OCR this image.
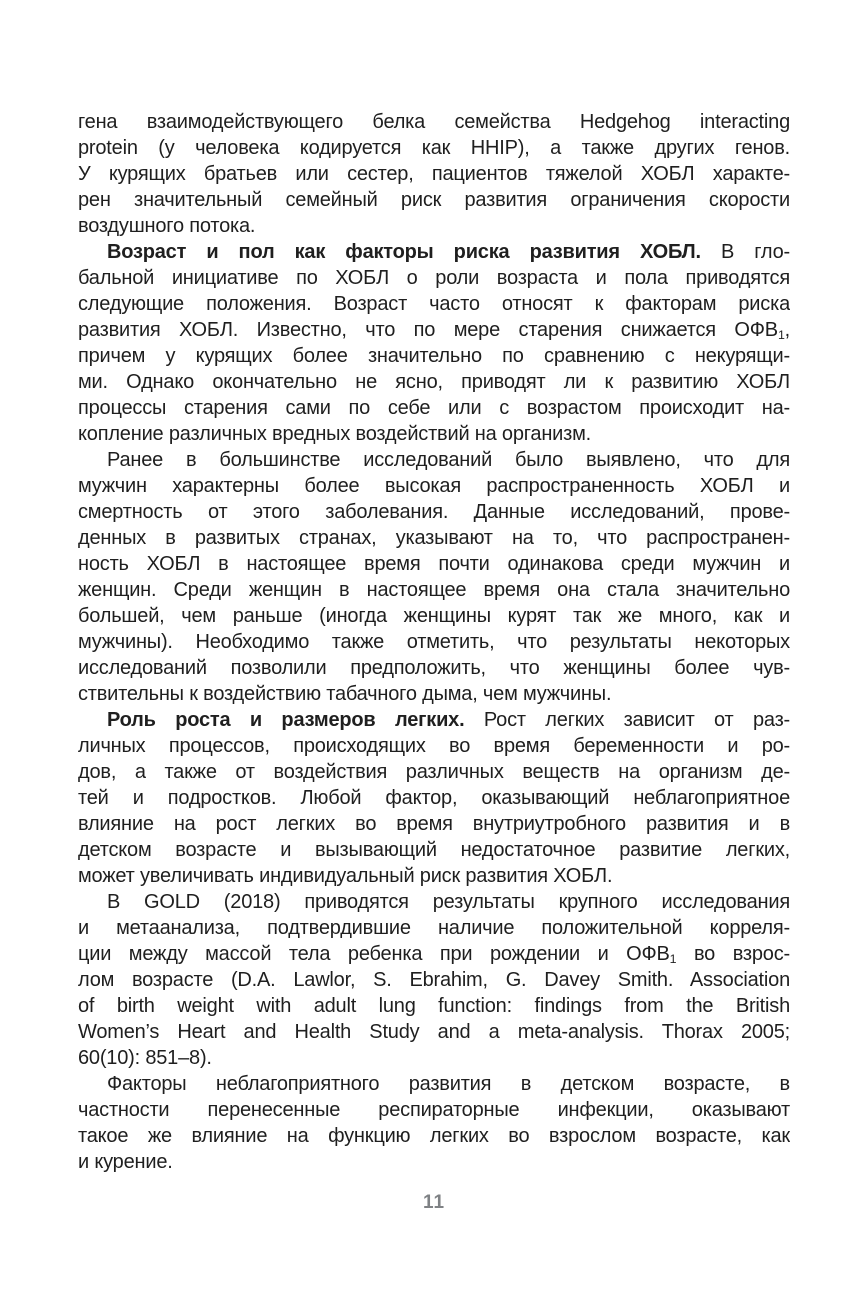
гена взаимодействующего белка семейства Hedgehog interacting
protein (у человека кодируется как HHIP), а также других генов.
У курящих братьев или сестер, пациентов тяжелой ХОБЛ характе-
рен значительный семейный риск развития ограничения скорости
воздушного потока.
Возраст и пол как факторы риска развития ХОБЛ. В гло-
бальной инициативе по ХОБЛ о роли возраста и пола приводятся
следующие положения. Возраст часто относят к факторам риска
развития ХОБЛ. Известно, что по мере старения снижается $ОФВ_1$,
причем у курящих более значительно по сравнению с некурящи-
ми. Однако окончательно не ясно, приводят ли к развитию ХОБЛ
процессы старения сами по себе или с возрастом происходит на-
копление различных вредных воздействий на организм.
Ранее в большинстве исследований было выявлено, что для
мужчин характерны более высокая распространенность ХОБЛ и
смертность от этого заболевания. Данные исследований, прове-
денных в развитых странах, указывают на то, что распространен-
ность ХОБЛ в настоящее время почти одинакова среди мужчин и
женщин. Среди женщин в настоящее время она стала значительно
большей, чем раньше (иногда женщины курят так же много, как и
мужчины). Необходимо также отметить, что результаты некоторых
исследований позволили предположить, что женщины более чув-
ствительны к воздействию табачного дыма, чем мужчины.
Роль роста и размеров легких. Рост легких зависит от раз-
личных процессов, происходящих во время беременности и ро-
дов, а также от воздействия различных веществ на организм де-
тей и подростков. Любой фактор, оказывающий неблагоприятное
влияние на рост легких во время внутриутробного развития и в
детском возрасте и вызывающий недостаточное развитие легких,
может увеличивать индивидуальный риск развития ХОБЛ.
В GOLD (2018) приводятся результаты крупного исследования
и метаанализа, подтвердившие наличие положительной корреля-
ции между массой тела ребенка при рождении и $ОФВ_1$ во взрос-
лом возрасте (D.A. Lawlor, S. Ebrahim, G. Davey Smith. Association
of birth weight with adult lung function: findings from the British
Women’s Heart and Health Study and a meta-analysis. Thorax 2005;
60(10): 851–8).
Факторы неблагоприятного развития в детском возрасте, в
частности перенесенные респираторные инфекции, оказывают
такое же влияние на функцию легких во взрослом возрасте, как
и курение.
11
